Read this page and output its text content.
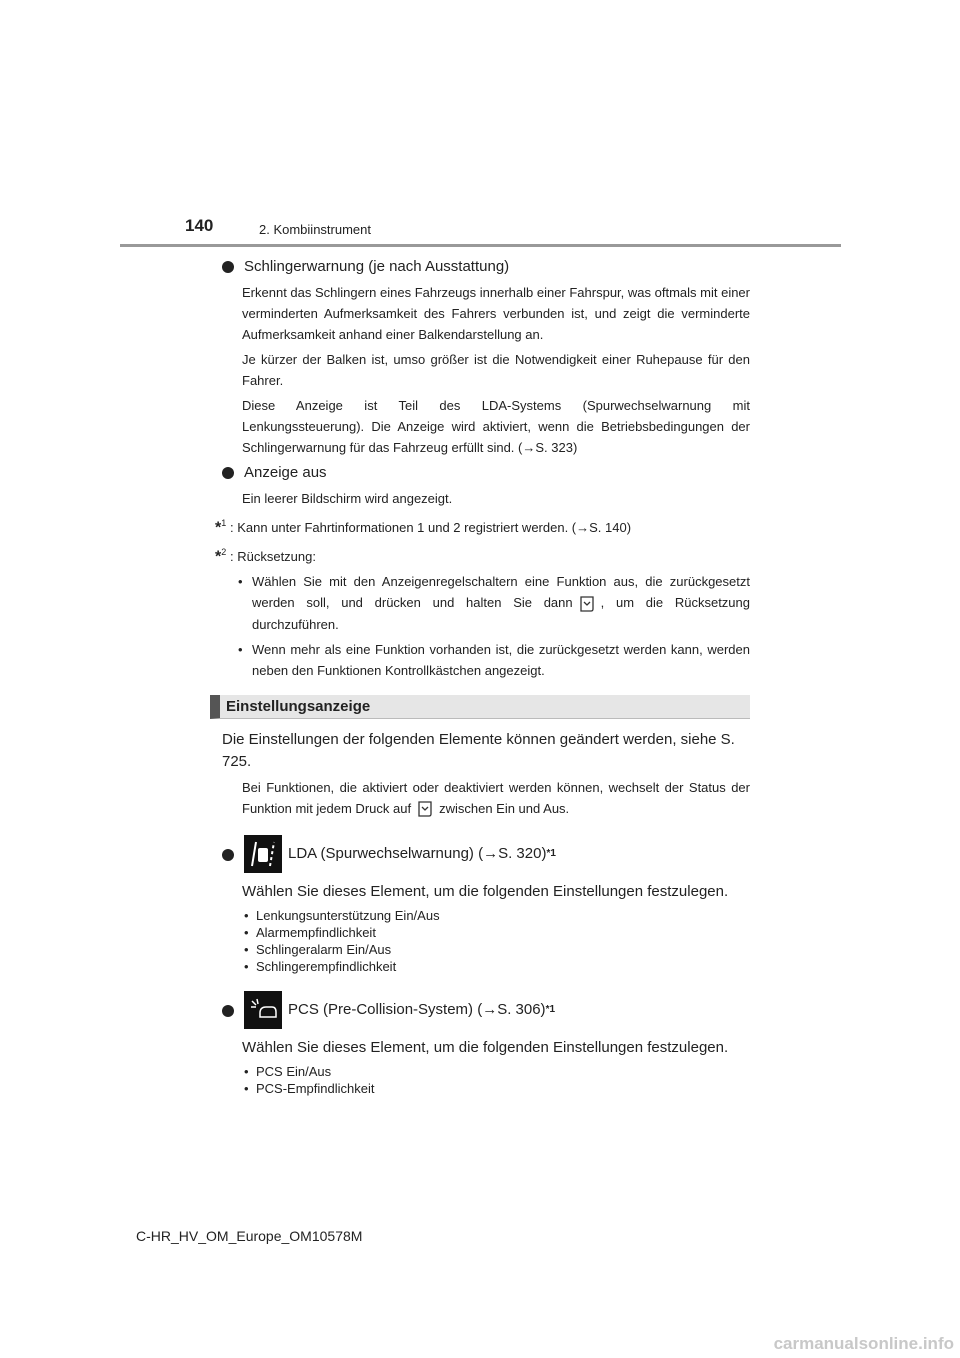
140	2. Kombiinstrument
Schlingerwarnung (je nach Ausstattung)
Erkennt das Schlingern eines Fahrzeugs innerhalb einer Fahrspur, was oftmals mit einer verminderten Aufmerksamkeit des Fahrers verbunden ist, und zeigt die verminderte Aufmerksamkeit anhand einer Balkendarstellung an.
Je kürzer der Balken ist, umso größer ist die Notwendigkeit einer Ruhepause für den Fahrer.
Diese Anzeige ist Teil des LDA-Systems (Spurwechselwarnung mit Lenkungssteuerung). Die Anzeige wird aktiviert, wenn die Betriebsbedingungen der Schlingerwarnung für das Fahrzeug erfüllt sind. (→S. 323)
Anzeige aus
Ein leerer Bildschirm wird angezeigt.
*$^1$ : Kann unter Fahrtinformationen 1 und 2 registriert werden. (→S. 140)
*$^2$ : Rücksetzung:
• Wählen Sie mit den Anzeigenregelschaltern eine Funktion aus, die zurückgesetzt werden soll, und drücken und halten Sie dann , um die Rücksetzung durchzuführen.
• Wenn mehr als eine Funktion vorhanden ist, die zurückgesetzt werden kann, werden neben den Funktionen Kontrollkästchen angezeigt.
Einstellungsanzeige
Die Einstellungen der folgenden Elemente können geändert werden, siehe S. 725.
Bei Funktionen, die aktiviert oder deaktiviert werden können, wechselt der Status der Funktion mit jedem Druck auf zwischen Ein und Aus.
LDA (Spurwechselwarnung) (→S. 320) *1
Wählen Sie dieses Element, um die folgenden Einstellungen festzulegen.
• Lenkungsunterstützung Ein/Aus
• Alarmempfindlichkeit
• Schlingeralarm Ein/Aus
• Schlingerempfindlichkeit
PCS (Pre-Collision-System) (→S. 306) *1
Wählen Sie dieses Element, um die folgenden Einstellungen festzulegen.
• PCS Ein/Aus
• PCS-Empfindlichkeit
C-HR_HV_OM_Europe_OM10578M
carmanualsonline.info
